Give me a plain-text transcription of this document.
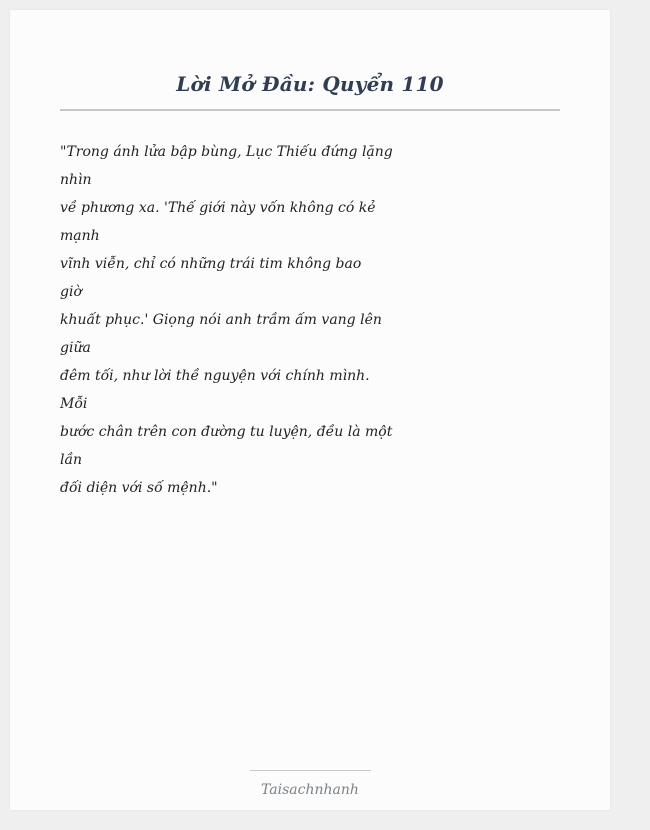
Lời Mở Đầu: Quyển 110
"Trong ánh lửa bập bùng, Lục Thiếu đứng lặng
nhìn
về phương xa. 'Thế giới này vốn không có kẻ
mạnh
vĩnh viễn, chỉ có những trái tim không bao
giờ
khuất phục.' Giọng nói anh trầm ấm vang lên
giữa
đêm tối, như lời thề nguyện với chính mình.
Mỗi
bước chân trên con đường tu luyện, đều là một
lần
đối diện với số mệnh."
Taisachnhanh
